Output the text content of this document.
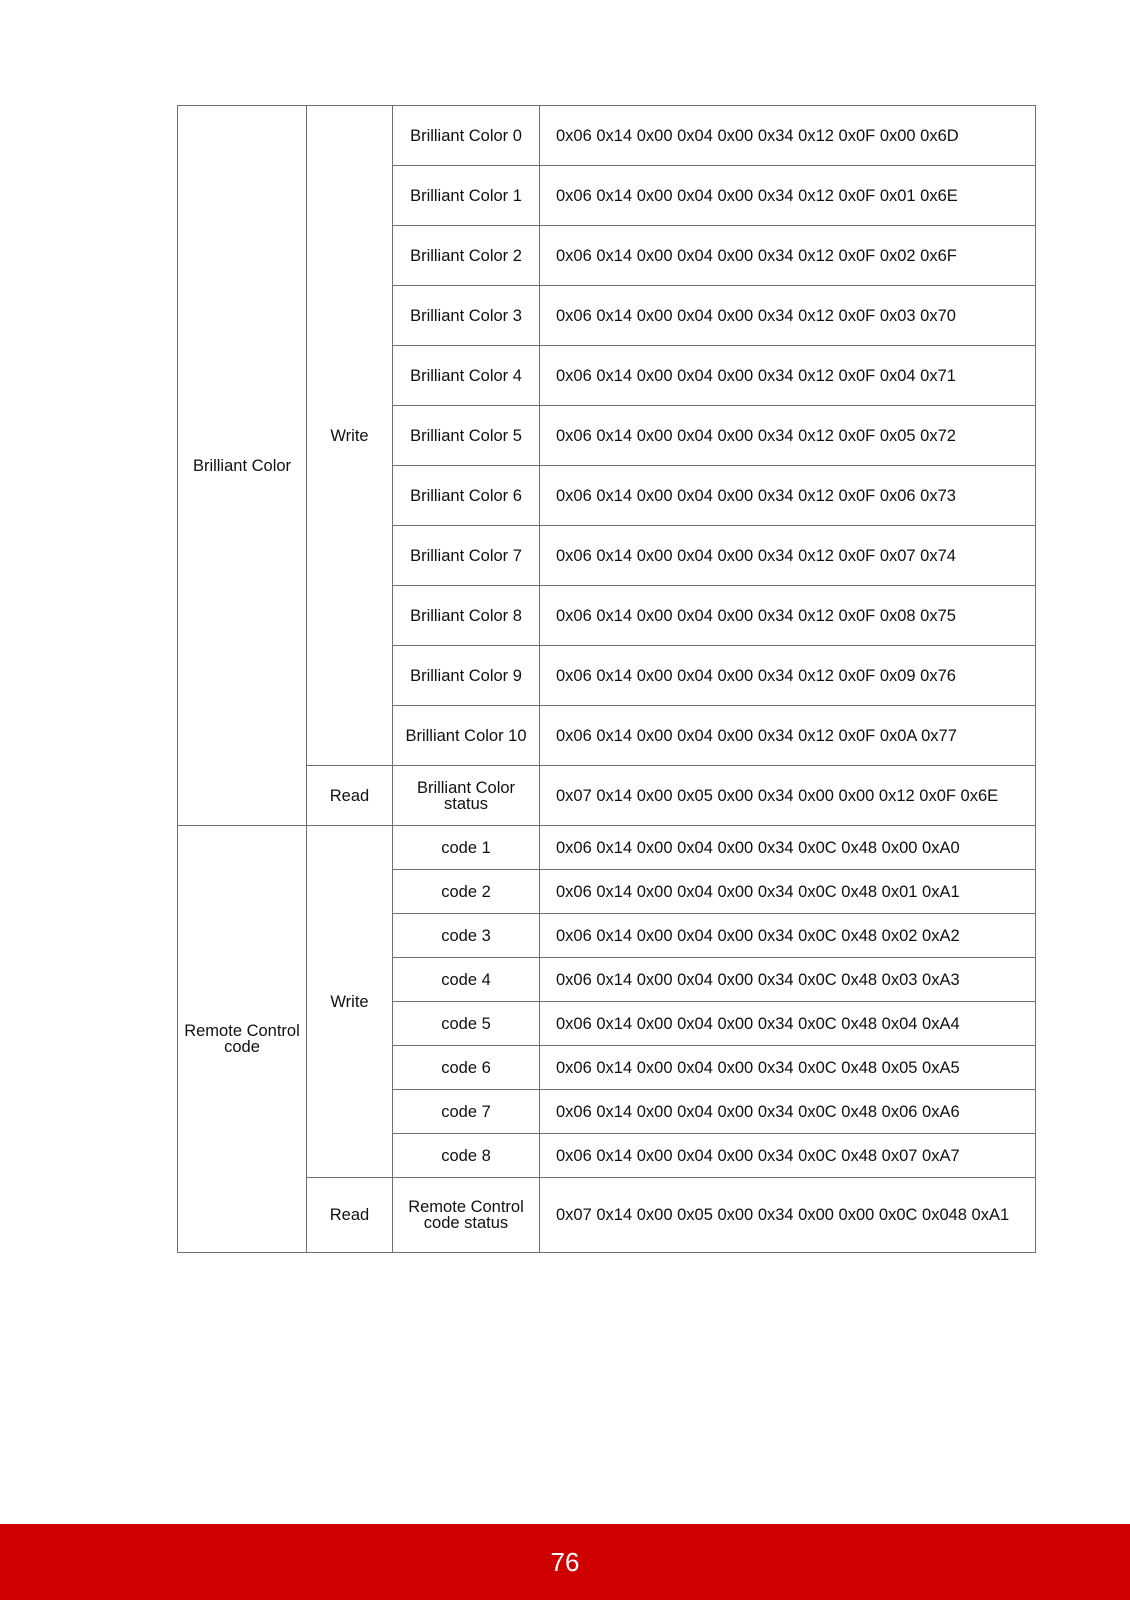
Brilliant Color	Write	Brilliant Color 0	0x06 0x14 0x00 0x04 0x00 0x34 0x12 0x0F 0x00 0x6D
		Brilliant Color 1	0x06 0x14 0x00 0x04 0x00 0x34 0x12 0x0F 0x01 0x6E
		Brilliant Color 2	0x06 0x14 0x00 0x04 0x00 0x34 0x12 0x0F 0x02 0x6F
		Brilliant Color 3	0x06 0x14 0x00 0x04 0x00 0x34 0x12 0x0F 0x03 0x70
		Brilliant Color 4	0x06 0x14 0x00 0x04 0x00 0x34 0x12 0x0F 0x04 0x71
		Brilliant Color 5	0x06 0x14 0x00 0x04 0x00 0x34 0x12 0x0F 0x05 0x72
		Brilliant Color 6	0x06 0x14 0x00 0x04 0x00 0x34 0x12 0x0F 0x06 0x73
		Brilliant Color 7	0x06 0x14 0x00 0x04 0x00 0x34 0x12 0x0F 0x07 0x74
		Brilliant Color 8	0x06 0x14 0x00 0x04 0x00 0x34 0x12 0x0F 0x08 0x75
		Brilliant Color 9	0x06 0x14 0x00 0x04 0x00 0x34 0x12 0x0F 0x09 0x76
		Brilliant Color 10	0x06 0x14 0x00 0x04 0x00 0x34 0x12 0x0F 0x0A 0x77
	Read	Brilliant Color status	0x07 0x14 0x00 0x05 0x00 0x34 0x00 0x00 0x12 0x0F 0x6E
Remote Control code	Write	code 1	0x06 0x14 0x00 0x04 0x00 0x34 0x0C 0x48 0x00 0xA0
		code 2	0x06 0x14 0x00 0x04 0x00 0x34 0x0C 0x48 0x01 0xA1
		code 3	0x06 0x14 0x00 0x04 0x00 0x34 0x0C 0x48 0x02 0xA2
		code 4	0x06 0x14 0x00 0x04 0x00 0x34 0x0C 0x48 0x03 0xA3
		code 5	0x06 0x14 0x00 0x04 0x00 0x34 0x0C 0x48 0x04 0xA4
		code 6	0x06 0x14 0x00 0x04 0x00 0x34 0x0C 0x48 0x05 0xA5
		code 7	0x06 0x14 0x00 0x04 0x00 0x34 0x0C 0x48 0x06 0xA6
		code 8	0x06 0x14 0x00 0x04 0x00 0x34 0x0C 0x48 0x07 0xA7
	Read	Remote Control code status	0x07 0x14 0x00 0x05 0x00 0x34 0x00 0x00 0x0C 0x048 0xA1
76
